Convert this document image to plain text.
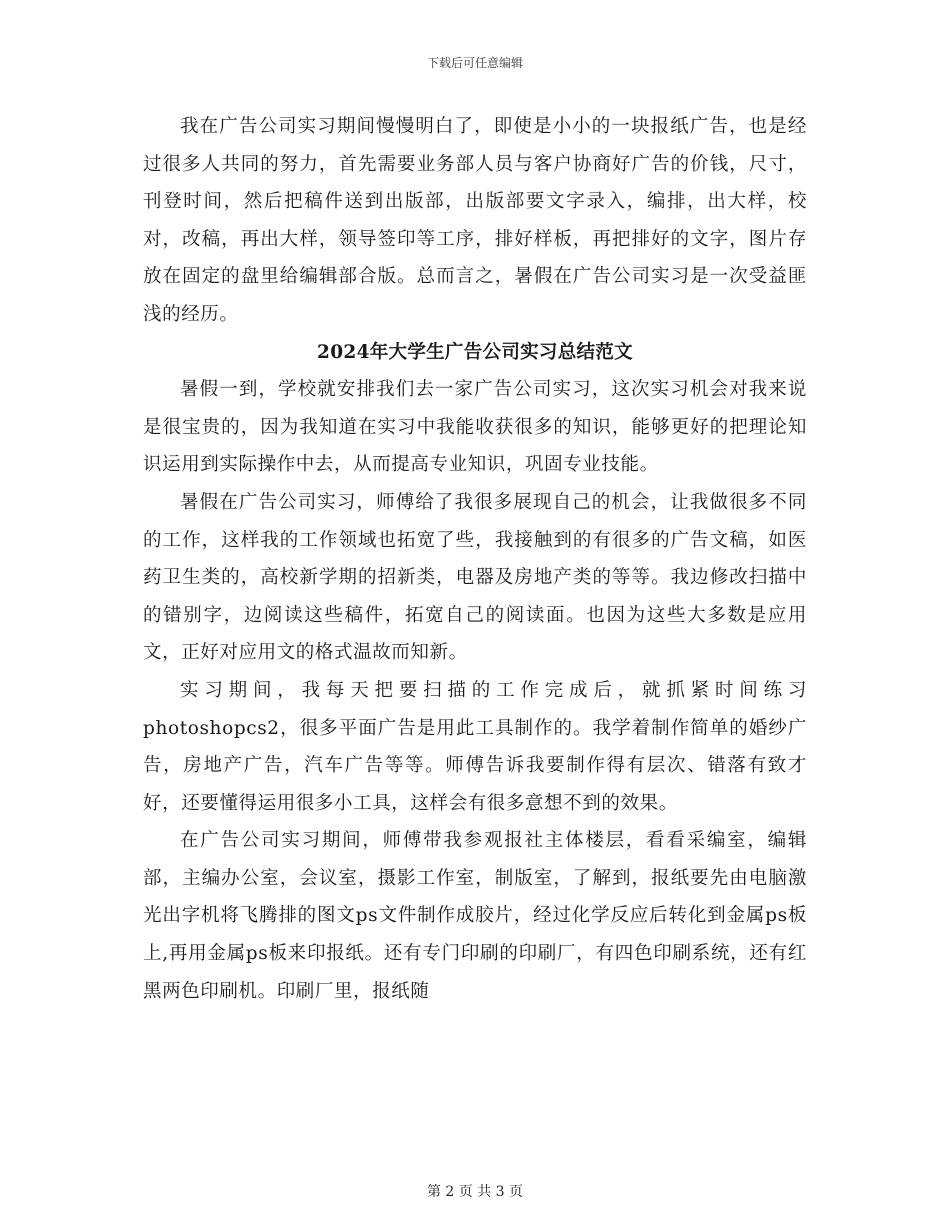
下载后可任意编辑

我在广告公司实习期间慢慢明白了，即使是小小的一块报纸广告，也是经过很多人共同的努力，首先需要业务部人员与客户协商好广告的价钱，尺寸，刊登时间，然后把稿件送到出版部，出版部要文字录入，编排，出大样，校对，改稿，再出大样，领导签印等工序，排好样板，再把排好的文字，图片存放在固定的盘里给编辑部合版。总而言之，暑假在广告公司实习是一次受益匪浅的经历。

2024年大学生广告公司实习总结范文

暑假一到，学校就安排我们去一家广告公司实习，这次实习机会对我来说是很宝贵的，因为我知道在实习中我能收获很多的知识，能够更好的把理论知识运用到实际操作中去，从而提高专业知识，巩固专业技能。

暑假在广告公司实习，师傅给了我很多展现自己的机会，让我做很多不同的工作，这样我的工作领域也拓宽了些，我接触到的有很多的广告文稿，如医药卫生类的，高校新学期的招新类，电器及房地产类的等等。我边修改扫描中的错别字，边阅读这些稿件，拓宽自己的阅读面。也因为这些大多数是应用文，正好对应用文的格式温故而知新。

实习期间，我每天把要扫描的工作完成后，就抓紧时间练习photoshopcs2，很多平面广告是用此工具制作的。我学着制作简单的婚纱广告，房地产广告，汽车广告等等。师傅告诉我要制作得有层次、错落有致才好，还要懂得运用很多小工具，这样会有很多意想不到的效果。

在广告公司实习期间，师傅带我参观报社主体楼层，看看采编室，编辑部，主编办公室，会议室，摄影工作室，制版室，了解到，报纸要先由电脑激光出字机将飞腾排的图文ps文件制作成胶片，经过化学反应后转化到金属ps板上,再用金属ps板来印报纸。还有专门印刷的印刷厂，有四色印刷系统，还有红黑两色印刷机。印刷厂里，报纸随

第 2 页 共 3 页
